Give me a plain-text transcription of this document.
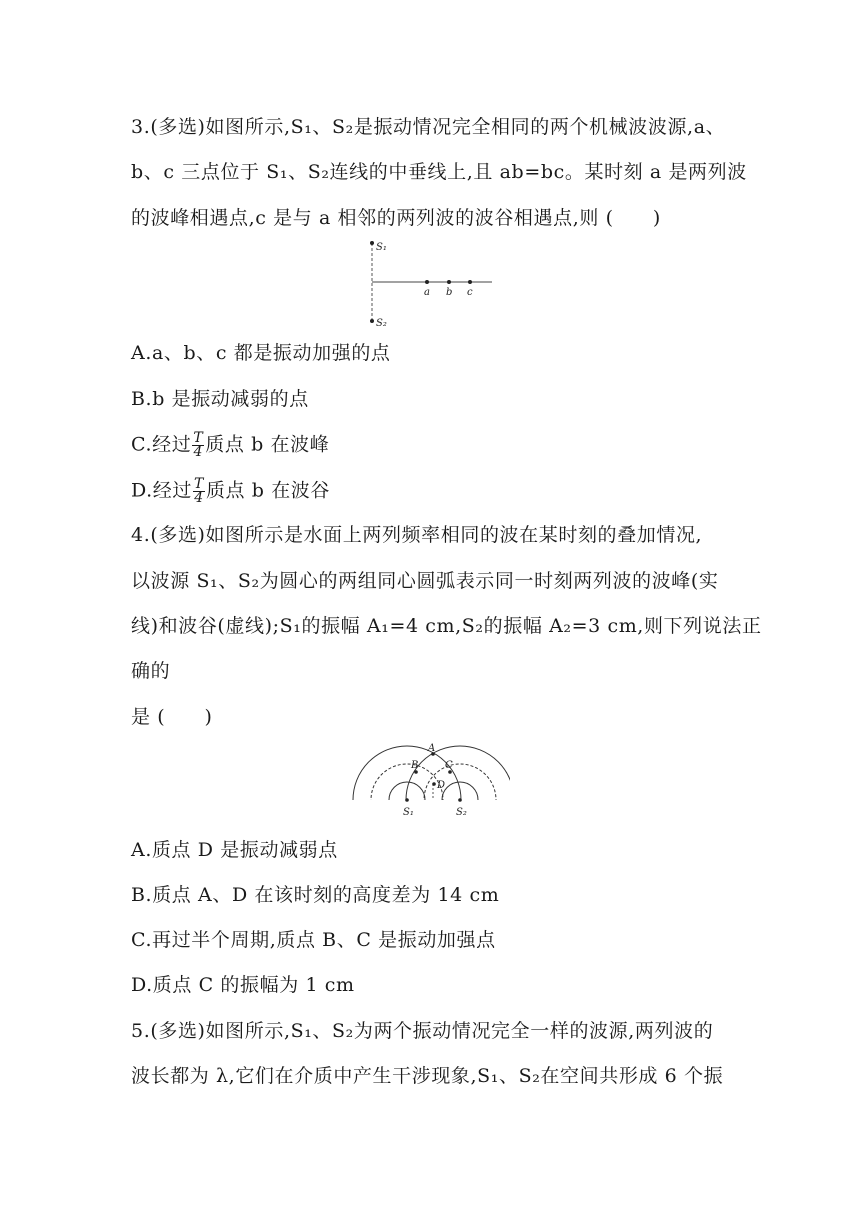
3.(多选)如图所示,S₁、S₂是振动情况完全相同的两个机械波波源,a、
b、c 三点位于 S₁、S₂连线的中垂线上,且 ab=bc。某时刻 a 是两列波
的波峰相遇点,c 是与 a 相邻的两列波的波谷相遇点,则 (　　)
S₁
S₂
a b c
A.a、b、c 都是振动加强的点
B.b 是振动减弱的点
C.经过 $\frac{T}{4}$ 质点 b 在波峰
D.经过 $\frac{T}{4}$ 质点 b 在波谷
4.(多选)如图所示是水面上两列频率相同的波在某时刻的叠加情况,
以波源 S₁、S₂为圆心的两组同心圆弧表示同一时刻两列波的波峰(实
线)和波谷(虚线);S₁的振幅 A₁=4 cm,S₂的振幅 A₂=3 cm,则下列说法正
确的
是 (　　)
A
B	C
D
S₁	S₂
A.质点 D 是振动减弱点
B.质点 A、D 在该时刻的高度差为 14 cm
C.再过半个周期,质点 B、C 是振动加强点
D.质点 C 的振幅为 1 cm
5.(多选)如图所示,S₁、S₂为两个振动情况完全一样的波源,两列波的
波长都为 λ,它们在介质中产生干涉现象,S₁、S₂在空间共形成 6 个振
